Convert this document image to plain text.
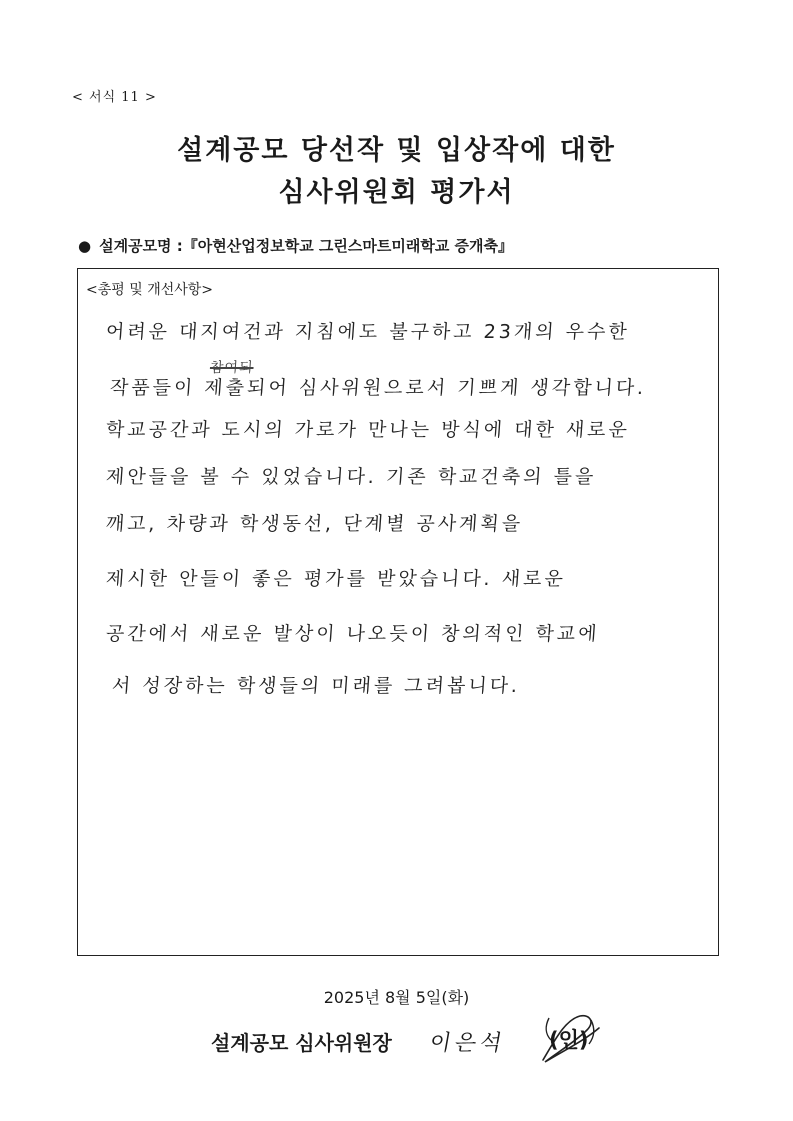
< 서식 11 >
설계공모 당선작 및 입상작에 대한
심사위원회 평가서
● 설계공모명 :『아현산업정보학교 그린스마트미래학교 증개축』
<총평 및 개선사항>
어려운 대지여건과 지침에도 불구하고 23개의 우수한
작품들이 제출되어 심사위원으로서 기쁘게 생각합니다.
학교공간과 도시의 가로가 만나는 방식에 대한 새로운
제안들을 볼 수 있었습니다. 기존 학교건축의 틀을
깨고, 차량과 학생동선, 단계별 공사계획을
제시한 안들이 좋은 평가를 받았습니다. 새로운
공간에서 새로운 발상이 나오듯이 창의적인 학교에
서 성장하는 학생들의 미래를 그려봅니다.
참여되
2025년 8월 5일(화)
설계공모 심사위원장 이은석 (인)
